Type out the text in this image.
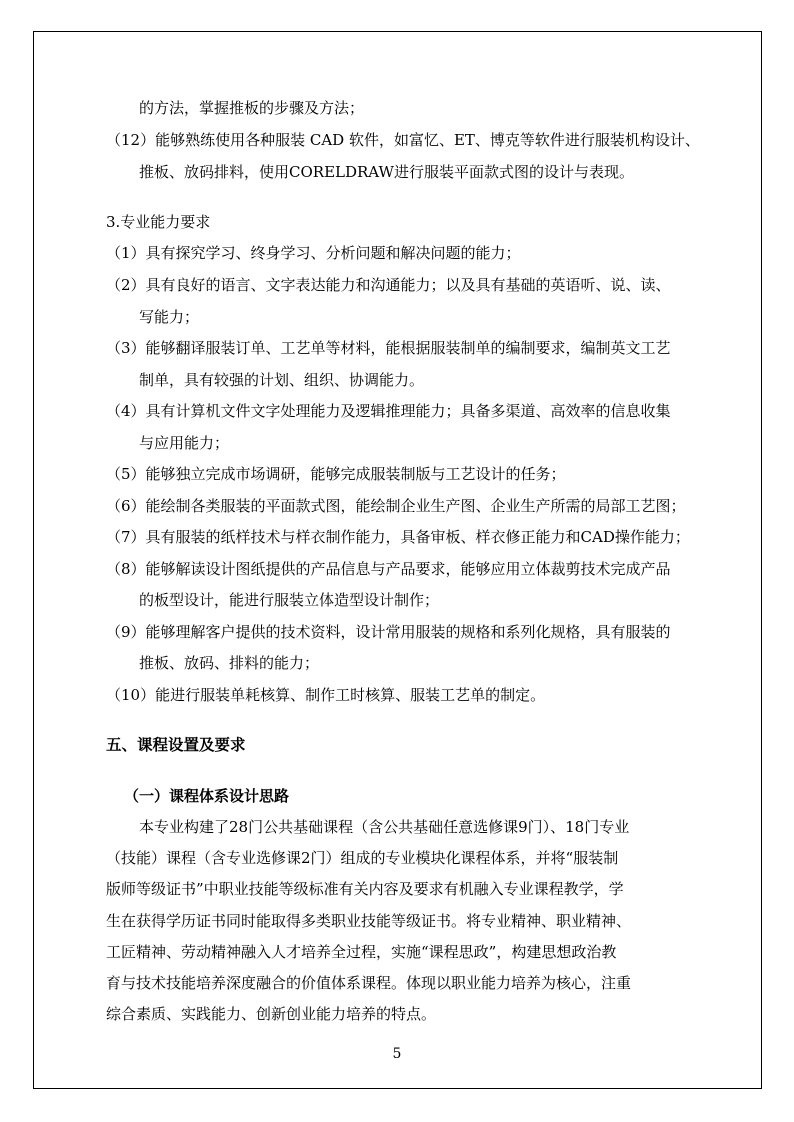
的方法，掌握推板的步骤及方法；
（12）能够熟练使用各种服装 CAD 软件，如富忆、ET、博克等软件进行服装机构设计、
推板、放码排料，使用CORELDRAW进行服装平面款式图的设计与表现。
3.专业能力要求
（1）具有探究学习、终身学习、分析问题和解决问题的能力；
（2）具有良好的语言、文字表达能力和沟通能力；以及具有基础的英语听、说、读、
写能力；
（3）能够翻译服装订单、工艺单等材料，能根据服装制单的编制要求，编制英文工艺
制单，具有较强的计划、组织、协调能力。
（4）具有计算机文件文字处理能力及逻辑推理能力；具备多渠道、高效率的信息收集
与应用能力；
（5）能够独立完成市场调研，能够完成服装制版与工艺设计的任务；
（6）能绘制各类服装的平面款式图，能绘制企业生产图、企业生产所需的局部工艺图；
（7）具有服装的纸样技术与样衣制作能力，具备审板、样衣修正能力和CAD操作能力；
（8）能够解读设计图纸提供的产品信息与产品要求，能够应用立体裁剪技术完成产品
的板型设计，能进行服装立体造型设计制作；
（9）能够理解客户提供的技术资料，设计常用服装的规格和系列化规格，具有服装的
推板、放码、排料的能力；
（10）能进行服装单耗核算、制作工时核算、服装工艺单的制定。
五、课程设置及要求
（一）课程体系设计思路
本专业构建了28门公共基础课程（含公共基础任意选修课9门）、18门专业
（技能）课程（含专业选修课2门）组成的专业模块化课程体系，并将“服装制
版师等级证书”中职业技能等级标准有关内容及要求有机融入专业课程教学，学
生在获得学历证书同时能取得多类职业技能等级证书。将专业精神、职业精神、
工匠精神、劳动精神融入人才培养全过程，实施“课程思政”，构建思想政治教
育与技术技能培养深度融合的价值体系课程。体现以职业能力培养为核心，注重
综合素质、实践能力、创新创业能力培养的特点。
5
